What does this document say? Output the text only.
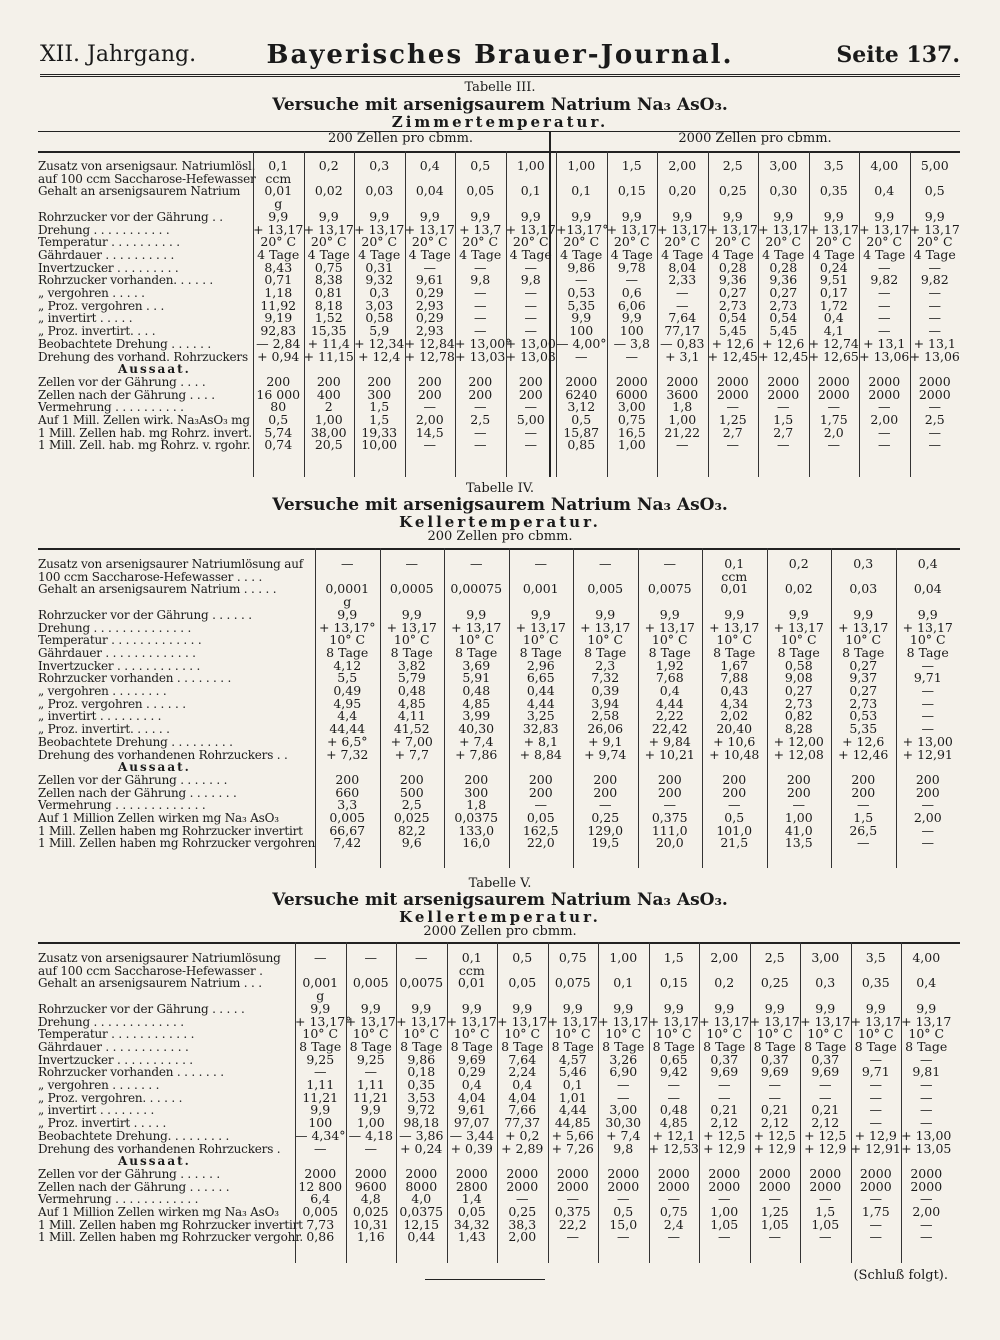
XII. Jahrgang.	Bayerisches Brauer-Journal.	Seite 137.
Tabelle III.
Versuche mit arsenigsaurem Natrium Na₃ AsO₃.
Zimmertemperatur.
200 Zellen pro cbmm.	2000 Zellen pro cbmm.
Zusatz von arsenigsaur. Natriumlösl.	0,1	0,2	0,3	0,4	0,5	1,00	1,00	1,5	2,00	2,5	3,00	3,5	4,00	5,00
auf 100 ccm Saccharose-Hefewasser	ccm													
Gehalt an arsenigsaurem Natrium	0,01	0,02	0,03	0,04	0,05	0,1	0,1	0,15	0,20	0,25	0,30	0,35	0,4	0,5
	g													
Rohrzucker vor der Gährung . .	9,9	9,9	9,9	9,9	9,9	9,9	9,9	9,9	9,9	9,9	9,9	9,9	9,9	9,9
Drehung . . . . . . . . . . .	+ 13,17	+ 13,17	+ 13,17	+ 13,17	+ 13,7	+ 13,17	+13,17°	+ 13,17	+ 13,17	+ 13,17	+ 13,17	+ 13,17	+ 13,17	+ 13,17
Temperatur . . . . . . . . . .	20° C	20° C	20° C	20° C	20° C	20° C	20° C	20° C	20° C	20° C	20° C	20° C	20° C	20° C
Gährdauer . . . . . . . . . .	4 Tage	4 Tage	4 Tage	4 Tage	4 Tage	4 Tage	4 Tage	4 Tage	4 Tage	4 Tage	4 Tage	4 Tage	4 Tage	4 Tage
Invertzucker . . . . . . . . .	8,43	0,75	0,31	—	—	—	9,86	9,78	8,04	0,28	0,28	0,24	—	—
Rohrzucker vorhanden. . . . . .	0,71	8,38	9,32	9,61	9,8	9,8	—	—	2,33	9,36	9,36	9,51	9,82	9,82
„ vergohren . . . . .	1,18	0,81	0,3	0,29	—	—	0,53	0,6	—	0,27	0,27	0,17	—	—
„ Proz. vergohren . . .	11,92	8,18	3,03	2,93	—	—	5,35	6,06	—	2,73	2,73	1,72	—	—
„ invertirt . . . . .	9,19	1,52	0,58	0,29	—	—	9,9	9,9	7,64	0,54	0,54	0,4	—	—
„ Proz. invertirt. . . .	92,83	15,35	5,9	2,93	—	—	100	100	77,17	5,45	5,45	4,1	—	—
Beobachtete Drehung . . . . . .	— 2,84	+ 11,4	+ 12,34	+ 12,84	+ 13,00°	+ 13,00	— 4,00°	— 3,8	— 0,83	+ 12,6	+ 12,6	+ 12,74	+ 13,1	+ 13,1
Drehung des vorhand. Rohrzuckers	+ 0,94	+ 11,15	+ 12,4	+ 12,78	+ 13,03	+ 13,03	—	—	+ 3,1	+ 12,45	+ 12,45	+ 12,65	+ 13,06	+ 13,06
Aussaat.														
Zellen vor der Gährung . . . .	200	200	200	200	200	200	2000	2000	2000	2000	2000	2000	2000	2000
Zellen nach der Gährung . . . .	16 000	400	300	200	200	200	6240	6000	3600	2000	2000	2000	2000	2000
Vermehrung . . . . . . . . . .	80	2	1,5	—	—	—	3,12	3,00	1,8	—	—	—	—	—
Auf 1 Mill. Zellen wirk. Na₃AsO₃ mg	0,5	1,00	1,5	2,00	2,5	5,00	0,5	0,75	1,00	1,25	1,5	1,75	2,00	2,5
1 Mill. Zellen hab. mg Rohrz. invert.	5,74	38,00	19,33	14,5	—	—	15,87	16,5	21,22	2,7	2,7	2,0	—	—
1 Mill. Zell. hab. mg Rohrz. v. rgohr.	0,74	20,5	10,00	—	—	—	0,85	1,00	—	—	—	—	—	—
Tabelle IV.
Versuche mit arsenigsaurem Natrium Na₃ AsO₃.
Kellertemperatur.
200 Zellen pro cbmm.
Zusatz von arsenigsaurer Natriumlösung auf	—	—	—	—	—	—	0,1	0,2	0,3	0,4
100 ccm Saccharose-Hefewasser . . . .							ccm			
Gehalt an arsenigsaurem Natrium . . . . .	0,0001	0,0005	0,00075	0,001	0,005	0,0075	0,01	0,02	0,03	0,04
	g									
Rohrzucker vor der Gährung . . . . . .	9,9	9,9	9,9	9,9	9,9	9,9	9,9	9,9	9,9	9,9
Drehung . . . . . . . . . . . . . .	+ 13,17°	+ 13,17	+ 13,17	+ 13,17	+ 13,17	+ 13,17	+ 13,17	+ 13,17	+ 13,17	+ 13,17
Temperatur . . . . . . . . . . . . .	10° C	10° C	10° C	10° C	10° C	10° C	10° C	10° C	10° C	10° C
Gährdauer . . . . . . . . . . . . .	8 Tage	8 Tage	8 Tage	8 Tage	8 Tage	8 Tage	8 Tage	8 Tage	8 Tage	8 Tage
Invertzucker . . . . . . . . . . . .	4,12	3,82	3,69	2,96	2,3	1,92	1,67	0,58	0,27	—
Rohrzucker vorhanden . . . . . . . .	5,5	5,79	5,91	6,65	7,32	7,68	7,88	9,08	9,37	9,71
„ vergohren . . . . . . . .	0,49	0,48	0,48	0,44	0,39	0,4	0,43	0,27	0,27	—
„ Proz. vergohren . . . . . .	4,95	4,85	4,85	4,44	3,94	4,44	4,34	2,73	2,73	—
„ invertirt . . . . . . . . .	4,4	4,11	3,99	3,25	2,58	2,22	2,02	0,82	0,53	—
„ Proz. invertirt. . . . . .	44,44	41,52	40,30	32,83	26,06	22,42	20,40	8,28	5,35	—
Beobachtete Drehung . . . . . . . . .	+ 6,5°	+ 7,00	+ 7,4	+ 8,1	+ 9,1	+ 9,84	+ 10,6	+ 12,00	+ 12,6	+ 13,00
Drehung des vorhandenen Rohrzuckers . .	+ 7,32	+ 7,7	+ 7,86	+ 8,84	+ 9,74	+ 10,21	+ 10,48	+ 12,08	+ 12,46	+ 12,91
Aussaat.										
Zellen vor der Gährung . . . . . . .	200	200	200	200	200	200	200	200	200	200
Zellen nach der Gährung . . . . . . .	660	500	300	200	200	200	200	200	200	200
Vermehrung . . . . . . . . . . . . .	3,3	2,5	1,8	—	—	—	—	—	—	—
Auf 1 Million Zellen wirken mg Na₃ AsO₃	0,005	0,025	0,0375	0,05	0,25	0,375	0,5	1,00	1,5	2,00
1 Mill. Zellen haben mg Rohrzucker invertirt	66,67	82,2	133,0	162,5	129,0	111,0	101,0	41,0	26,5	—
1 Mill. Zellen haben mg Rohrzucker vergohren	7,42	9,6	16,0	22,0	19,5	20,0	21,5	13,5	—	—
Tabelle V.
Versuche mit arsenigsaurem Natrium Na₃ AsO₃.
Kellertemperatur.
2000 Zellen pro cbmm.
Zusatz von arsenigsaurer Natriumlösung	—	—	—	0,1	0,5	0,75	1,00	1,5	2,00	2,5	3,00	3,5	4,00
auf 100 ccm Saccharose-Hefewasser .				ccm									
Gehalt an arsenigsaurem Natrium . . .	0,001	0,005	0,0075	0,01	0,05	0,075	0,1	0,15	0,2	0,25	0,3	0,35	0,4
	g												
Rohrzucker vor der Gährung . . . . .	9,9	9,9	9,9	9,9	9,9	9,9	9,9	9,9	9,9	9,9	9,9	9,9	9,9
Drehung . . . . . . . . . . . . .	+ 13,17°	+ 13,17	+ 13,17	+ 13,17	+ 13,17	+ 13,17	+ 13,17	+ 13,17	+ 13,17	+ 13,17	+ 13,17	+ 13,17	+ 13,17
Temperatur . . . . . . . . . . . .	10° C	10° C	10° C	10° C	10° C	10° C	10° C	10° C	10° C	10° C	10° C	10° C	10° C
Gährdauer . . . . . . . . . . . .	8 Tage	8 Tage	8 Tage	8 Tage	8 Tage	8 Tage	8 Tage	8 Tage	8 Tage	8 Tage	8 Tage	8 Tage	8 Tage
Invertzucker . . . . . . . . . . .	9,25	9,25	9,86	9,69	7,64	4,57	3,26	0,65	0,37	0,37	0,37	—	—
Rohrzucker vorhanden . . . . . . .	—	—	0,18	0,29	2,24	5,46	6,90	9,42	9,69	9,69	9,69	9,71	9,81
„ vergohren . . . . . . .	1,11	1,11	0,35	0,4	0,4	0,1	—	—	—	—	—	—	—
„ Proz. vergohren. . . . . .	11,21	11,21	3,53	4,04	4,04	1,01	—	—	—	—	—	—	—
„ invertirt . . . . . . . .	9,9	9,9	9,72	9,61	7,66	4,44	3,00	0,48	0,21	0,21	0,21	—	—
„ Proz. invertirt . . . . .	100	1,00	98,18	97,07	77,37	44,85	30,30	4,85	2,12	2,12	2,12	—	—
Beobachtete Drehung. . . . . . . . .	— 4,34°	— 4,18	— 3,86	— 3,44	+ 0,2	+ 5,66	+ 7,4	+ 12,1	+ 12,5	+ 12,5	+ 12,5	+ 12,9	+ 13,00
Drehung des vorhandenen Rohrzuckers .	—	—	+ 0,24	+ 0,39	+ 2,89	+ 7,26	9,8	+ 12,53	+ 12,9	+ 12,9	+ 12,9	+ 12,91	+ 13,05
Aussaat.													
Zellen vor der Gährung . . . . . .	2000	2000	2000	2000	2000	2000	2000	2000	2000	2000	2000	2000	2000
Zellen nach der Gährung . . . . . .	12 800	9600	8000	2800	2000	2000	2000	2000	2000	2000	2000	2000	2000
Vermehrung . . . . . . . . . . . .	6,4	4,8	4,0	1,4	—	—	—	—	—	—	—	—	—
Auf 1 Million Zellen wirken mg Na₃ AsO₃	0,005	0,025	0,0375	0,05	0,25	0,375	0,5	0,75	1,00	1,25	1,5	1,75	2,00
1 Mill. Zellen haben mg Rohrzucker invertirt	7,73	10,31	12,15	34,32	38,3	22,2	15,0	2,4	1,05	1,05	1,05	—	—
1 Mill. Zellen haben mg Rohrzucker vergohr.	0,86	1,16	0,44	1,43	2,00	—	—	—	—	—	—	—	—
(Schluß folgt).
